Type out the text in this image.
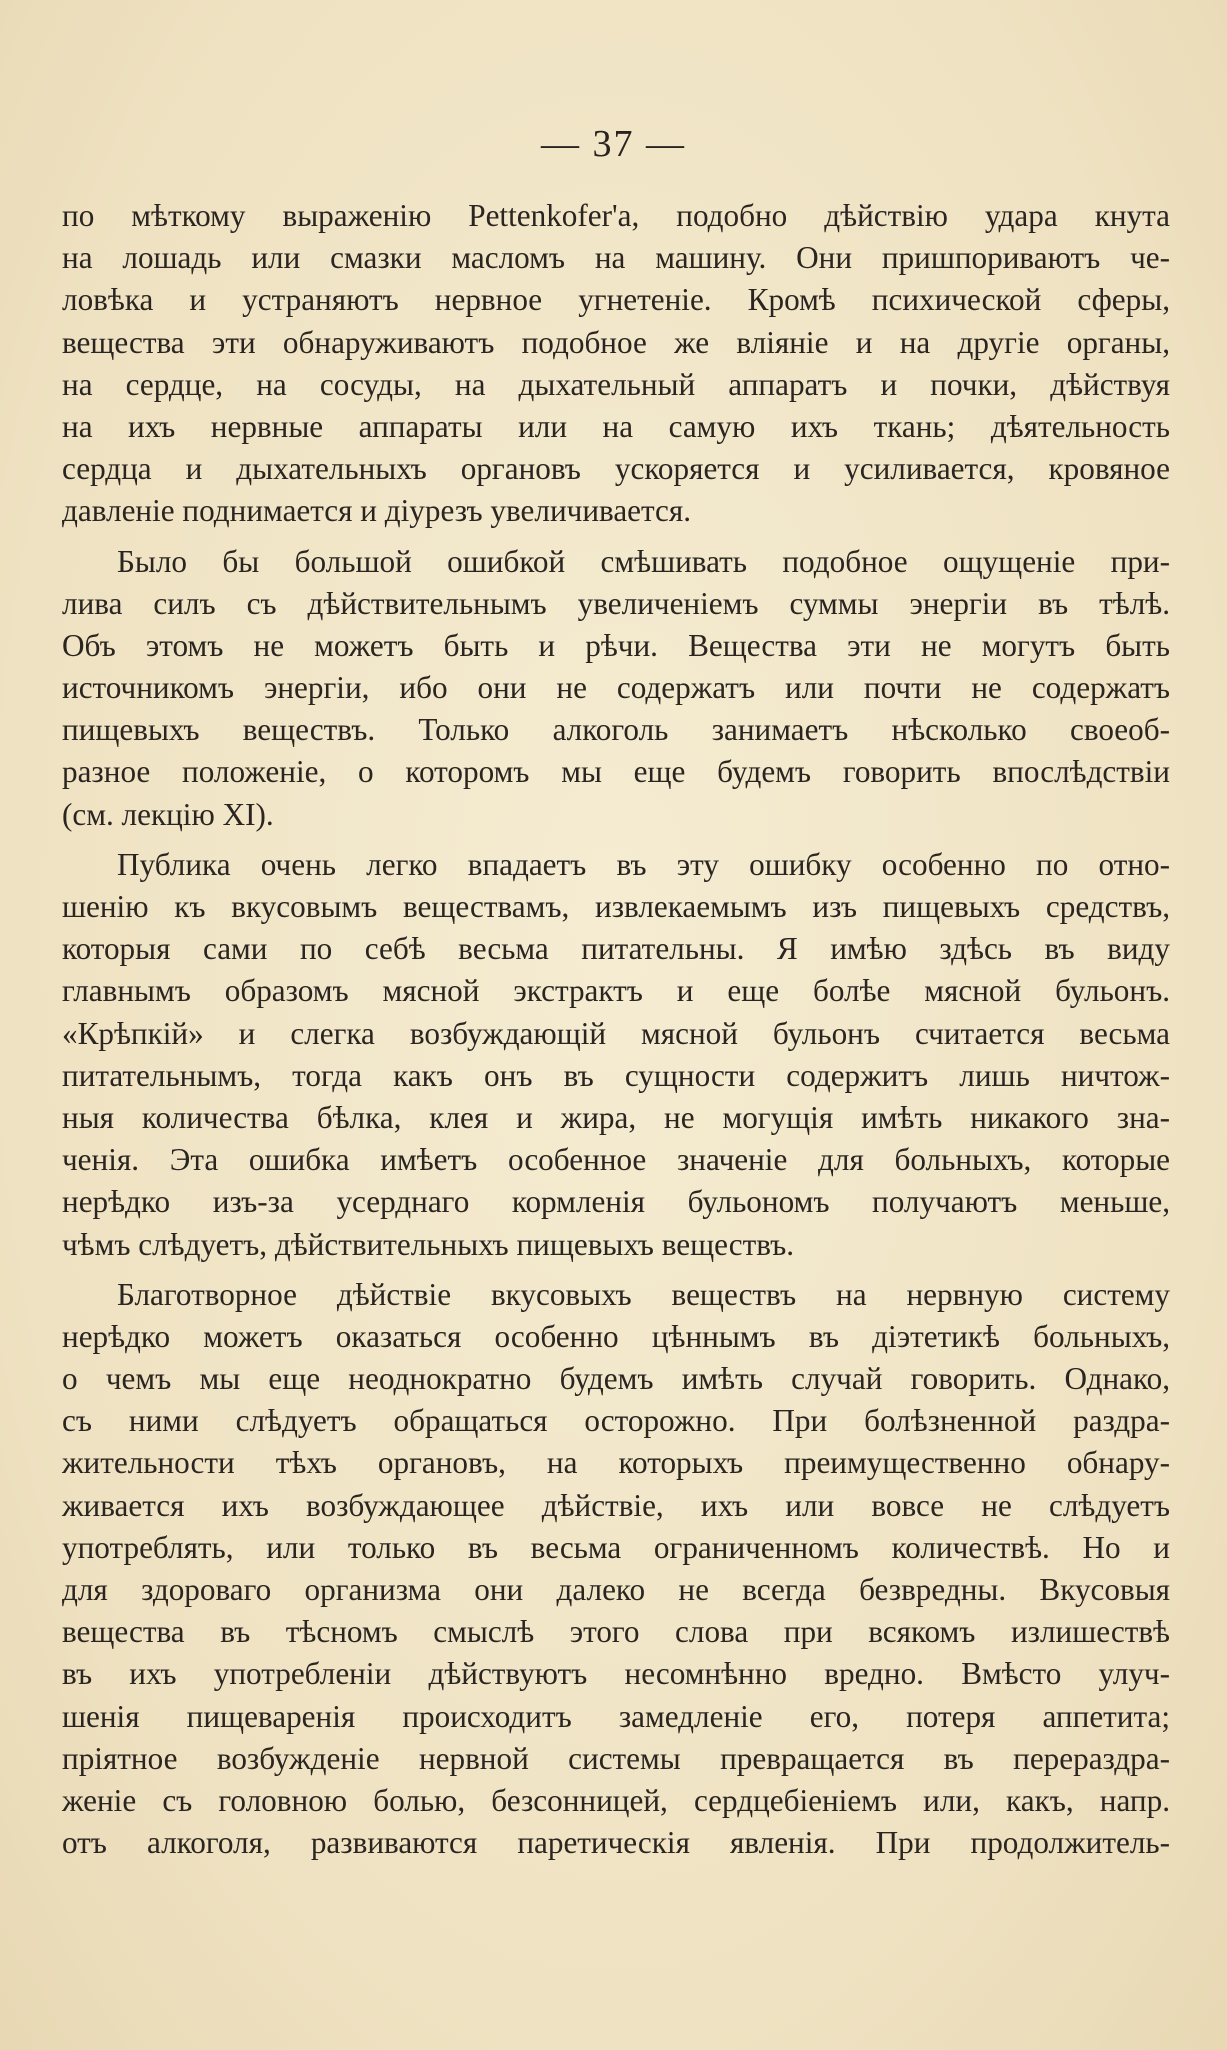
— 37 —
по мѣткому выраженію Pettenkofer'а, подобно дѣйствію удара кнута
на лошадь или смазки масломъ на машину. Они пришпориваютъ че-
ловѣка и устраняютъ нервное угнетеніе. Кромѣ психической сферы,
вещества эти обнаруживаютъ подобное же вліяніе и на другіе органы,
на сердце, на сосуды, на дыхательный аппаратъ и почки, дѣйствуя
на ихъ нервные аппараты или на самую ихъ ткань; дѣятельность
сердца и дыхательныхъ органовъ ускоряется и усиливается, кровяное
давленіе поднимается и діурезъ увеличивается.
Было бы большой ошибкой смѣшивать подобное ощущеніе при-
лива силъ съ дѣйствительнымъ увеличеніемъ суммы энергіи въ тѣлѣ.
Объ этомъ не можетъ быть и рѣчи. Вещества эти не могутъ быть
источникомъ энергіи, ибо они не содержатъ или почти не содержатъ
пищевыхъ веществъ. Только алкоголь занимаетъ нѣсколько своеоб-
разное положеніе, о которомъ мы еще будемъ говорить впослѣдствіи
(см. лекцію XI).
Публика очень легко впадаетъ въ эту ошибку особенно по отно-
шенію къ вкусовымъ веществамъ, извлекаемымъ изъ пищевыхъ средствъ,
которыя сами по себѣ весьма питательны. Я имѣю здѣсь въ виду
главнымъ образомъ мясной экстрактъ и еще болѣе мясной бульонъ.
«Крѣпкій» и слегка возбуждающій мясной бульонъ считается весьма
питательнымъ, тогда какъ онъ въ сущности содержитъ лишь ничтож-
ныя количества бѣлка, клея и жира, не могущія имѣть никакого зна-
ченія. Эта ошибка имѣетъ особенное значеніе для больныхъ, которые
нерѣдко изъ-за усерднаго кормленія бульономъ получаютъ меньше,
чѣмъ слѣдуетъ, дѣйствительныхъ пищевыхъ веществъ.
Благотворное дѣйствіе вкусовыхъ веществъ на нервную систему
нерѣдко можетъ оказаться особенно цѣннымъ въ діэтетикѣ больныхъ,
о чемъ мы еще неоднократно будемъ имѣть случай говорить. Однако,
съ ними слѣдуетъ обращаться осторожно. При болѣзненной раздра-
жительности тѣхъ органовъ, на которыхъ преимущественно обнару-
живается ихъ возбуждающее дѣйствіе, ихъ или вовсе не слѣдуетъ
употреблять, или только въ весьма ограниченномъ количествѣ. Но и
для здороваго организма они далеко не всегда безвредны. Вкусовыя
вещества въ тѣсномъ смыслѣ этого слова при всякомъ излишествѣ
въ ихъ употребленіи дѣйствуютъ несомнѣнно вредно. Вмѣсто улуч-
шенія пищеваренія происходитъ замедленіе его, потеря аппетита;
пріятное возбужденіе нервной системы превращается въ перераздра-
женіе съ головною болью, безсонницей, сердцебіеніемъ или, какъ, напр.
отъ алкоголя, развиваются паретическія явленія. При продолжитель-
